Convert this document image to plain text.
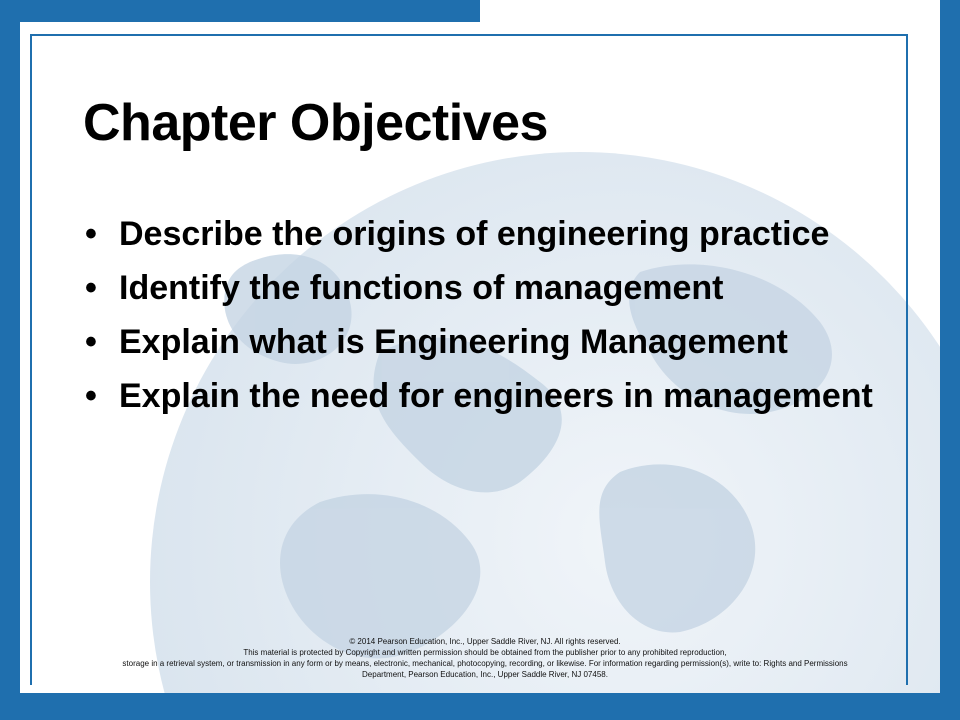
Chapter Objectives
• Describe the origins of engineering practice
• Identify the functions of management
• Explain what is Engineering Management
• Explain the need for engineers in management
© 2014 Pearson Education, Inc., Upper Saddle River, NJ. All rights reserved.
This material is protected by Copyright and written permission should be obtained from the publisher prior to any prohibited reproduction,
storage in a retrieval system, or transmission in any form or by means, electronic, mechanical, photocopying, recording, or likewise. For information regarding permission(s), write to: Rights and Permissions
Department, Pearson Education, Inc., Upper Saddle River, NJ 07458.
